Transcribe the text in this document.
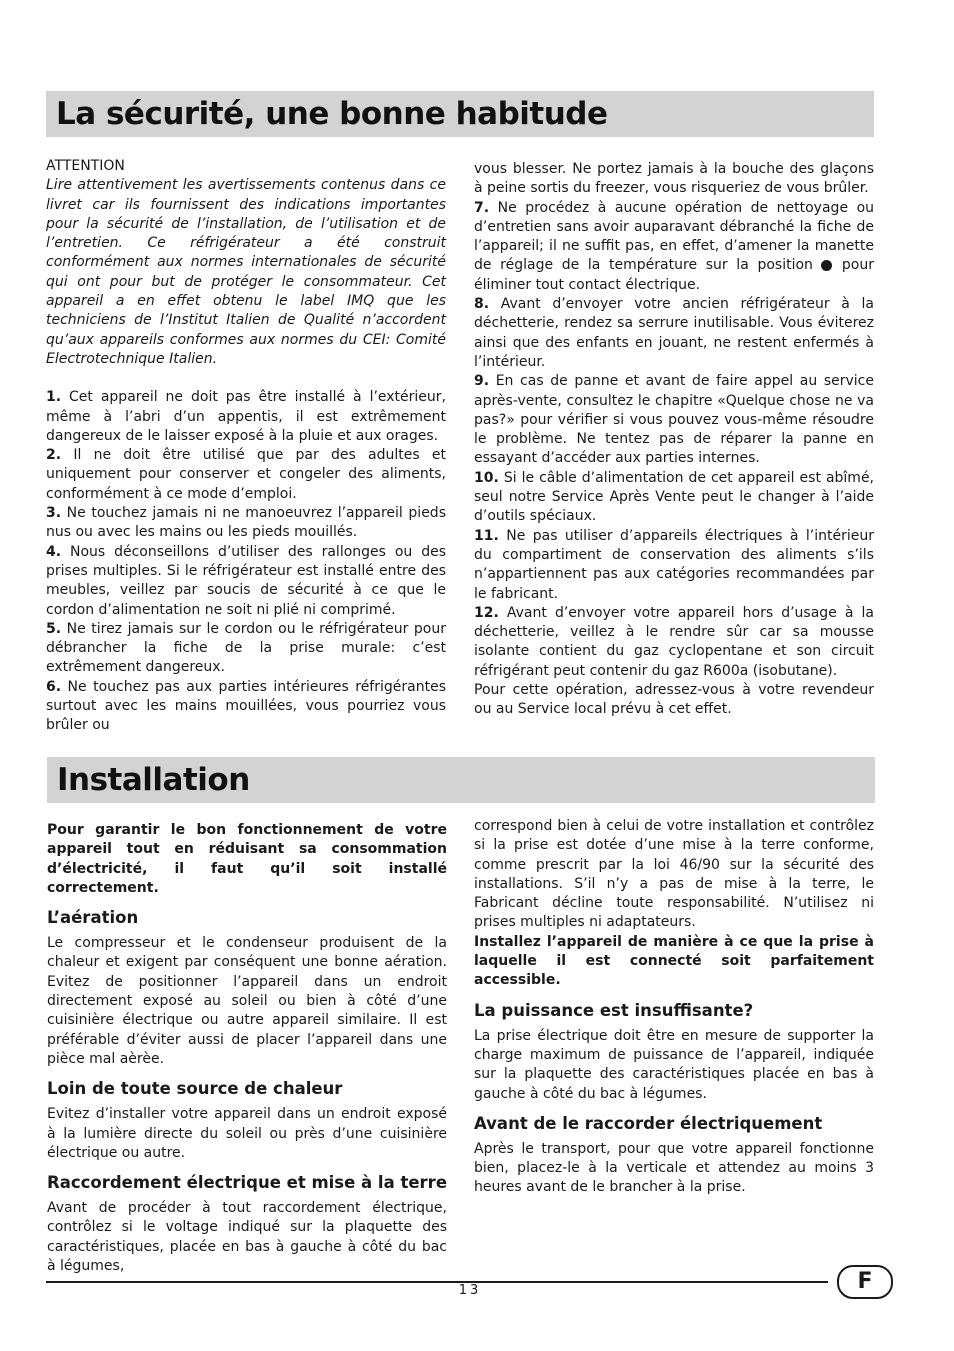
La sécurité, une bonne habitude

ATTENTION

Lire attentivement les avertissements contenus dans ce livret car ils fournissent des indications importantes pour la sécurité de l’installation, de l’utilisation et de l’entretien. Ce réfrigérateur a été construit conformément aux normes internationales de sécurité qui ont pour but de protéger le consommateur. Cet appareil a en effet obtenu le label IMQ que les techniciens de l’Institut Italien de Qualité n’accordent qu’aux appareils conformes aux normes du CEI: Comité Electrotechnique Italien.

1. Cet appareil ne doit pas être installé à l’extérieur, même à l’abri d’un appentis, il est extrêmement dangereux de le laisser exposé à la pluie et aux orages.

2. Il ne doit être utilisé que par des adultes et uniquement pour conserver et congeler des aliments, conformément à ce mode d’emploi.

3. Ne touchez jamais ni ne manoeuvrez l’appareil pieds nus ou avec les mains ou les pieds mouillés.

4. Nous déconseillons d’utiliser des rallonges ou des prises multiples. Si le réfrigérateur est installé entre des meubles, veillez par soucis de sécurité à ce que le cordon d’alimentation ne soit ni plié ni comprimé.

5. Ne tirez jamais sur le cordon ou le réfrigérateur pour débrancher la fiche de la prise murale: c’est extrêmement dangereux.

6. Ne touchez pas aux parties intérieures réfrigérantes surtout avec les mains mouillées, vous pourriez vous brûler ou

vous blesser. Ne portez jamais à la bouche des glaçons à peine sortis du freezer, vous risqueriez de vous brûler.

7. Ne procédez à aucune opération de nettoyage ou d’entretien sans avoir auparavant débranché la fiche de l’appareil; il ne suffit pas, en effet, d’amener la manette de réglage de la température sur la position pour éliminer tout contact électrique.

8. Avant d’envoyer votre ancien réfrigérateur à la déchetterie, rendez sa serrure inutilisable. Vous éviterez ainsi que des enfants en jouant, ne restent enfermés à l’intérieur.

9. En cas de panne et avant de faire appel au service après-vente, consultez le chapitre «Quelque chose ne va pas?» pour vérifier si vous pouvez vous-même résoudre le problème. Ne tentez pas de réparer la panne en essayant d’accéder aux parties internes.

10. Si le câble d’alimentation de cet appareil est abîmé, seul notre Service Après Vente peut le changer à l’aide d’outils spéciaux.

11. Ne pas utiliser d’appareils électriques à l’intérieur du compartiment de conservation des aliments s’ils n’appartiennent pas aux catégories recommandées par le fabricant.

12. Avant d’envoyer votre appareil hors d’usage à la déchetterie, veillez à le rendre sûr car sa mousse isolante contient du gaz cyclopentane et son circuit réfrigérant peut contenir du gaz R600a (isobutane).

Pour cette opération, adressez-vous à votre revendeur ou au Service local prévu à cet effet.

Installation

Pour garantir le bon fonctionnement de votre appareil tout en réduisant sa consommation d’électricité, il faut qu’il soit installé correctement.

L’aération

Le compresseur et le condenseur produisent de la chaleur et exigent par conséquent une bonne aération. Evitez de positionner l’appareil dans un endroit directement exposé au soleil ou bien à côté d’une cuisinière électrique ou autre appareil similaire. Il est préférable d’éviter aussi de placer l’appareil dans une pièce mal aèrèe.

Loin de toute source de chaleur

Evitez d’installer votre appareil dans un endroit exposé à la lumière directe du soleil ou près d’une cuisinière électrique ou autre.

Raccordement électrique et mise à la terre

Avant de procéder à tout raccordement électrique, contrôlez si le voltage indiqué sur la plaquette des caractéristiques, placée en bas à gauche à côté du bac à légumes,

correspond bien à celui de votre installation et contrôlez si la prise est dotée d’une mise à la terre conforme, comme prescrit par la loi 46/90 sur la sécurité des installations. S’il n’y a pas de mise à la terre, le Fabricant décline toute responsabilité. N’utilisez ni prises multiples ni adaptateurs.

Installez l’appareil de manière à ce que la prise à laquelle il est connecté soit parfaitement accessible.

La puissance est insuffisante?

La prise électrique doit être en mesure de supporter la charge maximum de puissance de l’appareil, indiquée sur la plaquette des caractéristiques placée en bas à gauche à côté du bac à légumes.

Avant de le raccorder électriquement

Après le transport, pour que votre appareil fonctionne bien, placez-le à la verticale et attendez au moins 3 heures avant de le brancher à la prise.

13	F
